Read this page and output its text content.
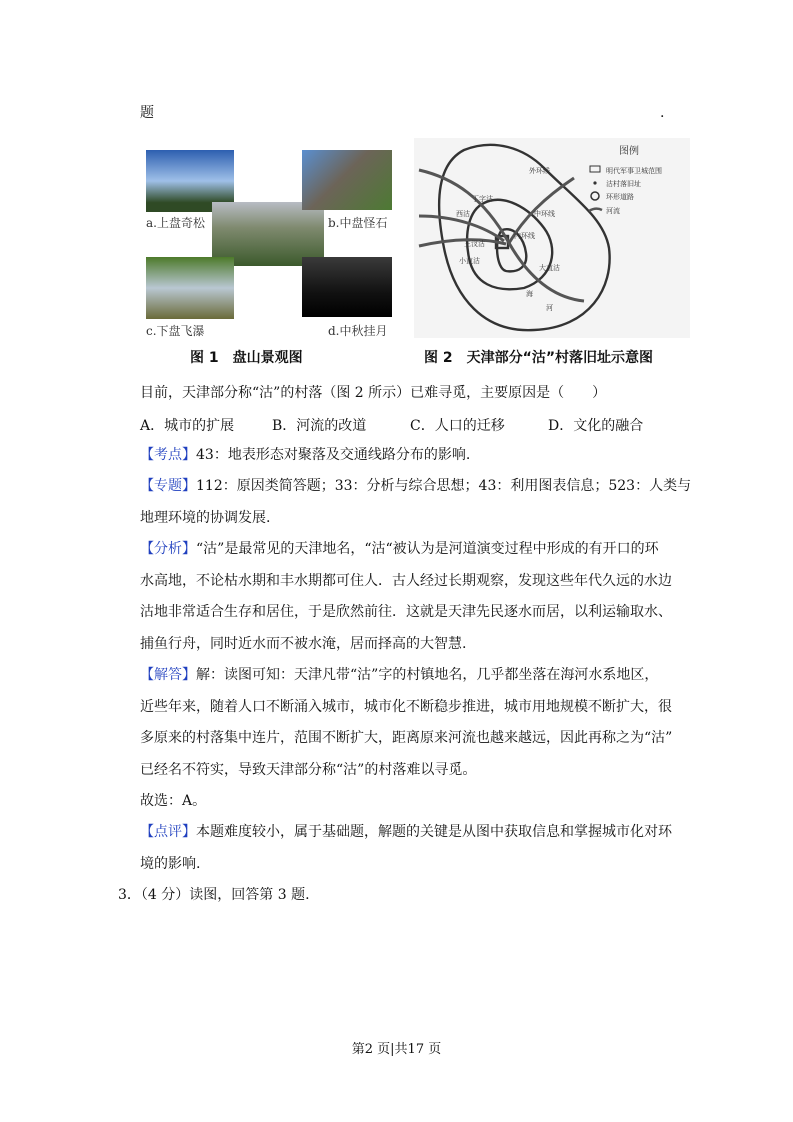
题	.
a.上盘奇松	b.中盘怪石
c.下盘飞瀑	d.中秋挂月
图 1　盘山景观图
外环线
中环线
内环线
丁字沽
西沽
三汊沽
小直沽
大直沽
海
河
图例
明代军事卫城范围
沽村落旧址
环形道路
河流
图 2　天津部分“沽”村落旧址示意图
目前，天津部分称“沽”的村落（图 2 所示）已难寻觅，主要原因是（　　）
A．城市的扩展	B．河流的改道	C．人口的迁移	D．文化的融合
【考点】43：地表形态对聚落及交通线路分布的影响.
【专题】112：原因类简答题；33：分析与综合思想；43：利用图表信息；523：人类与
地理环境的协调发展.
【分析】“沽”是最常见的天津地名，“沽“被认为是河道演变过程中形成的有开口的环
水高地，不论枯水期和丰水期都可住人．古人经过长期观察，发现这些年代久远的水边
沽地非常适合生存和居住，于是欣然前往．这就是天津先民逐水而居，以利运输取水、
捕鱼行舟，同时近水而不被水淹，居而择高的大智慧.
【解答】解：读图可知：天津凡带“沽”字的村镇地名，几乎都坐落在海河水系地区，
近些年来，随着人口不断涌入城市，城市化不断稳步推进，城市用地规模不断扩大，很
多原来的村落集中连片，范围不断扩大，距离原来河流也越来越远，因此再称之为“沽”
已经名不符实，导致天津部分称“沽”的村落难以寻觅。
故选：A。
【点评】本题难度较小，属于基础题，解题的关键是从图中获取信息和掌握城市化对环
境的影响.
3．（4 分）读图，回答第 3 题.
第2 页|共17 页
